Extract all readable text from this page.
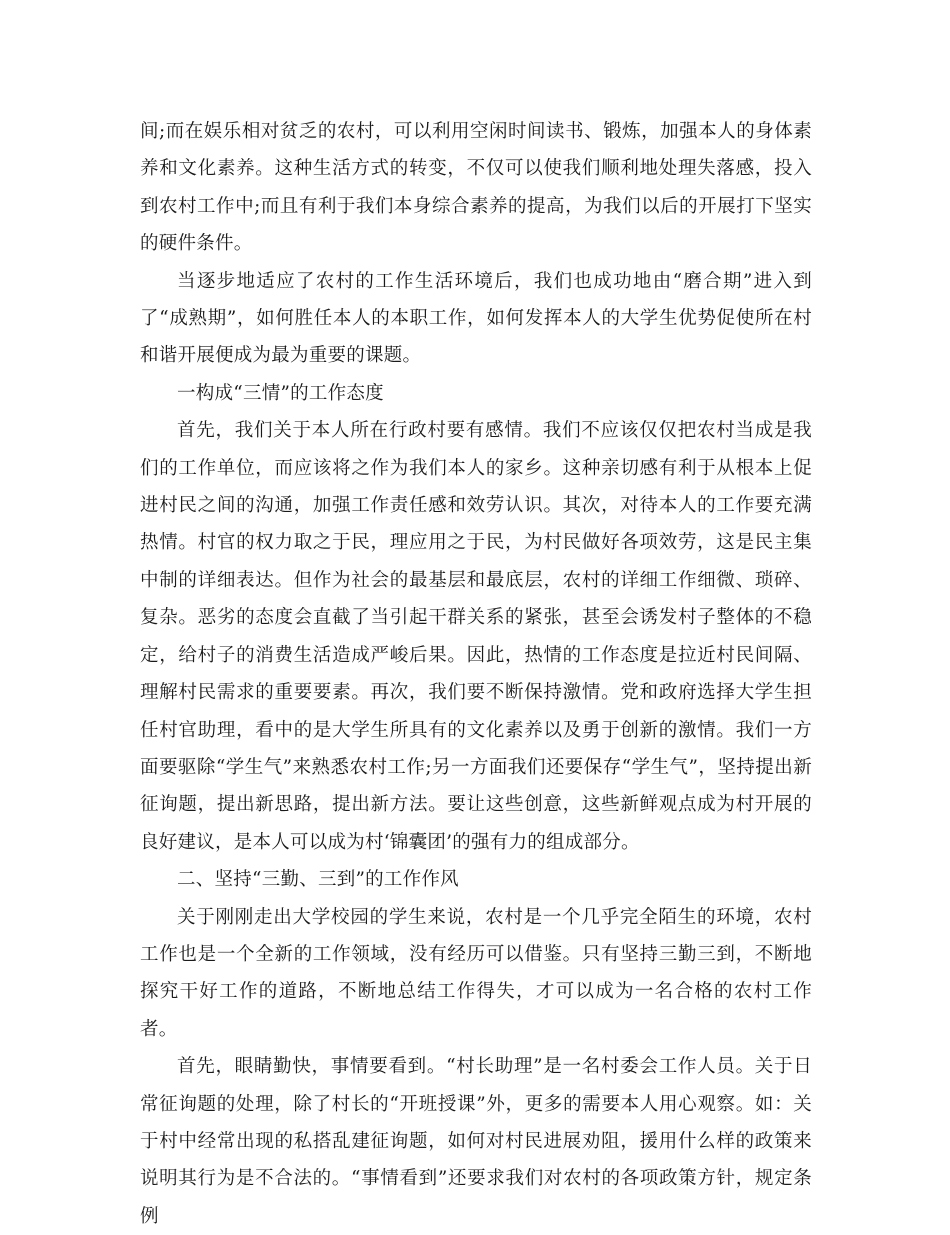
间;而在娱乐相对贫乏的农村，可以利用空闲时间读书、锻炼，加强本人的身体素养和文化素养。这种生活方式的转变，不仅可以使我们顺利地处理失落感，投入到农村工作中;而且有利于我们本身综合素养的提高，为我们以后的开展打下坚实的硬件条件。

当逐步地适应了农村的工作生活环境后，我们也成功地由“磨合期”进入到了“成熟期”，如何胜任本人的本职工作，如何发挥本人的大学生优势促使所在村和谐开展便成为最为重要的课题。

一构成“三情”的工作态度

首先，我们关于本人所在行政村要有感情。我们不应该仅仅把农村当成是我们的工作单位，而应该将之作为我们本人的家乡。这种亲切感有利于从根本上促进村民之间的沟通，加强工作责任感和效劳认识。其次，对待本人的工作要充满热情。村官的权力取之于民，理应用之于民，为村民做好各项效劳，这是民主集中制的详细表达。但作为社会的最基层和最底层，农村的详细工作细微、琐碎、复杂。恶劣的态度会直截了当引起干群关系的紧张，甚至会诱发村子整体的不稳定，给村子的消费生活造成严峻后果。因此，热情的工作态度是拉近村民间隔、理解村民需求的重要要素。再次，我们要不断保持激情。党和政府选择大学生担任村官助理，看中的是大学生所具有的文化素养以及勇于创新的激情。我们一方面要驱除“学生气”来熟悉农村工作;另一方面我们还要保存“学生气”，坚持提出新征询题，提出新思路，提出新方法。要让这些创意，这些新鲜观点成为村开展的良好建议，是本人可以成为村‘锦囊团’的强有力的组成部分。

二、坚持“三勤、三到”的工作作风

关于刚刚走出大学校园的学生来说，农村是一个几乎完全陌生的环境，农村工作也是一个全新的工作领域，没有经历可以借鉴。只有坚持三勤三到，不断地探究干好工作的道路，不断地总结工作得失，才可以成为一名合格的农村工作者。

首先，眼睛勤快，事情要看到。“村长助理”是一名村委会工作人员。关于日常征询题的处理，除了村长的“开班授课”外，更多的需要本人用心观察。如：关于村中经常出现的私搭乱建征询题，如何对村民进展劝阻，援用什么样的政策来说明其行为是不合法的。“事情看到”还要求我们对农村的各项政策方针，规定条例
